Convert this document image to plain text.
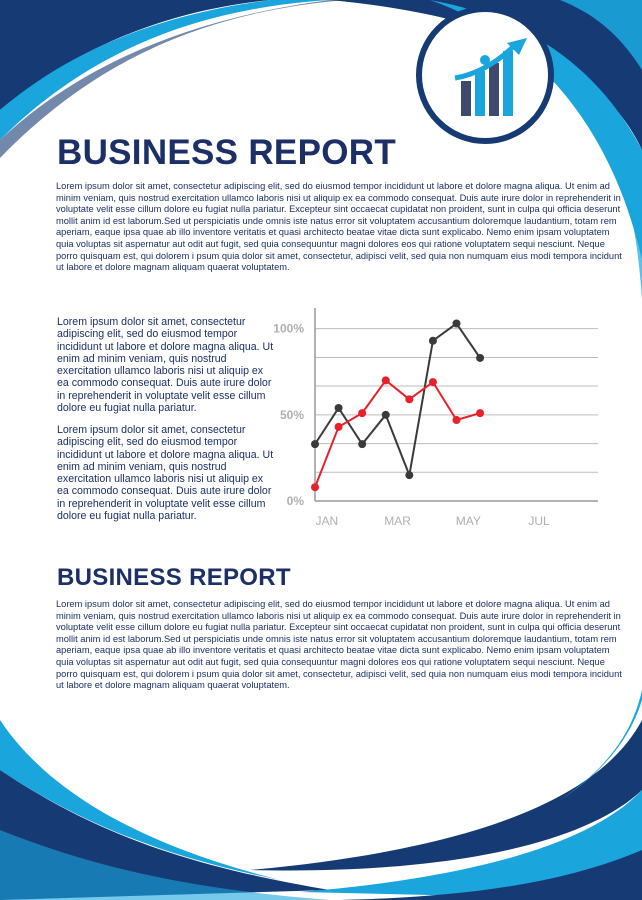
BUSINESS REPORT
Lorem ipsum dolor sit amet, consectetur adipiscing elit, sed do eiusmod tempor incididunt ut labore et dolore magna aliqua. Ut enim ad minim veniam, quis nostrud exercitation ullamco laboris nisi ut aliquip ex ea commodo consequat. Duis aute irure dolor in reprehenderit in voluptate velit esse cillum dolore eu fugiat nulla pariatur. Excepteur sint occaecat cupidatat non proident, sunt in culpa qui officia deserunt mollit anim id est laborum.Sed ut perspiciatis unde omnis iste natus error sit voluptatem accusantium doloremque laudantium, totam rem aperiam, eaque ipsa quae ab illo inventore veritatis et quasi architecto beatae vitae dicta sunt explicabo. Nemo enim ipsam voluptatem quia voluptas sit aspernatur aut odit aut fugit, sed quia consequuntur magni dolores eos qui ratione voluptatem sequi nesciunt. Neque porro quisquam est, qui dolorem i psum quia dolor sit amet, consectetur, adipisci velit, sed quia non numquam eius modi tempora incidunt ut labore et dolore magnam aliquam quaerat voluptatem.
Lorem ipsum dolor sit amet, consectetur adipiscing elit, sed do eiusmod tempor incididunt ut labore et dolore magna aliqua. Ut enim ad minim veniam, quis nostrud exercitation ullamco laboris nisi ut aliquip ex ea commodo consequat. Duis aute irure dolor in reprehenderit in voluptate velit esse cillum dolore eu fugiat nulla pariatur.
Lorem ipsum dolor sit amet, consectetur adipiscing elit, sed do eiusmod tempor incididunt ut labore et dolore magna aliqua. Ut enim ad minim veniam, quis nostrud exercitation ullamco laboris nisi ut aliquip ex ea commodo consequat. Duis aute irure dolor in reprehenderit in voluptate velit esse cillum dolore eu fugiat nulla pariatur.
0%
50%
100%
JAN	MAR	MAY	JUL
BUSINESS REPORT
Lorem ipsum dolor sit amet, consectetur adipiscing elit, sed do eiusmod tempor incididunt ut labore et dolore magna aliqua. Ut enim ad minim veniam, quis nostrud exercitation ullamco laboris nisi ut aliquip ex ea commodo consequat. Duis aute irure dolor in reprehenderit in voluptate velit esse cillum dolore eu fugiat nulla pariatur. Excepteur sint occaecat cupidatat non proident, sunt in culpa qui officia deserunt mollit anim id est laborum.Sed ut perspiciatis unde omnis iste natus error sit voluptatem accusantium doloremque laudantium, totam rem aperiam, eaque ipsa quae ab illo inventore veritatis et quasi architecto beatae vitae dicta sunt explicabo. Nemo enim ipsam voluptatem quia voluptas sit aspernatur aut odit aut fugit, sed quia consequuntur magni dolores eos qui ratione voluptatem sequi nesciunt. Neque porro quisquam est, qui dolorem i psum quia dolor sit amet, consectetur, adipisci velit, sed quia non numquam eius modi tempora incidunt ut labore et dolore magnam aliquam quaerat voluptatem.
